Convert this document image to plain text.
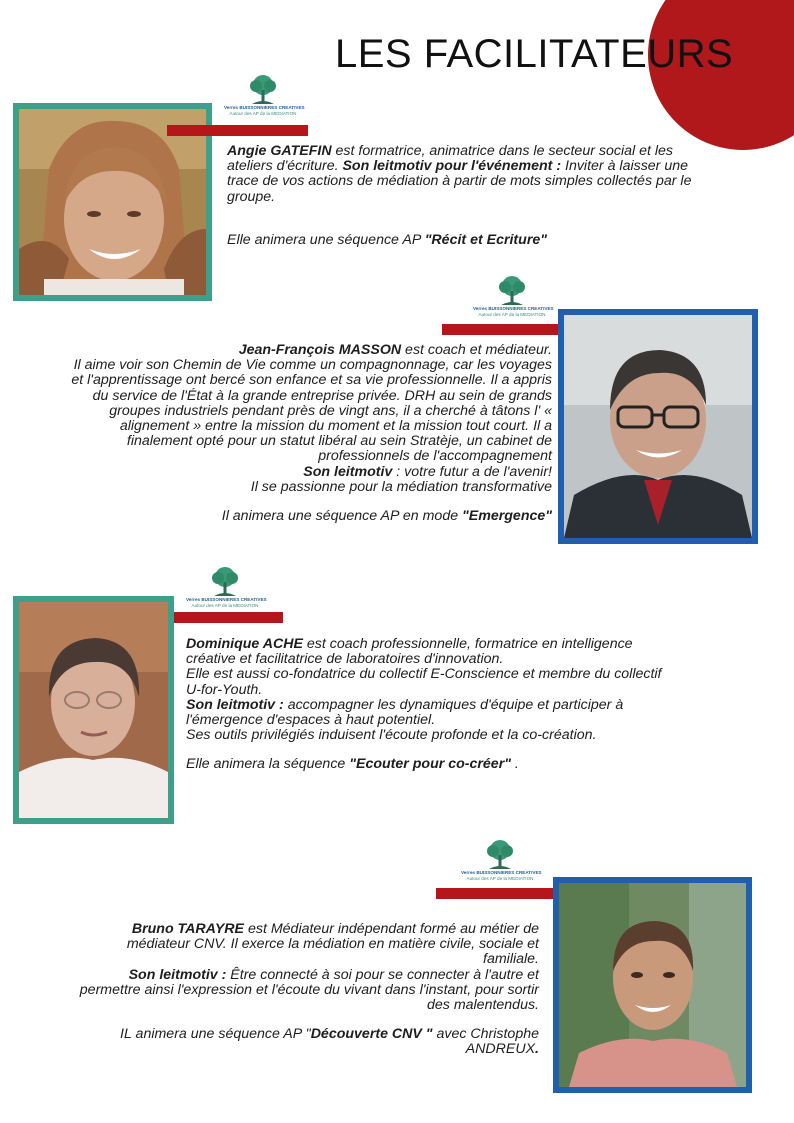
LES FACILITATEURS
Verres BUISSONNIERES CREATIVES
Autour des AP de la MEDIATION

Angie GATEFIN est formatrice, animatrice dans le secteur social et les ateliers d'écriture. Son leitmotiv pour l'événement : Inviter à laisser une trace de vos actions de médiation à partir de mots simples collectés par le groupe.

Elle animera une séquence AP "Récit et Ecriture"

Verres BUISSONNIERES CREATIVES
Autour des AP de la MEDIATION

Jean-François MASSON est coach et médiateur.

Il aime voir son Chemin de Vie comme un compagnonnage, car les voyages et l'apprentissage ont bercé son enfance et sa vie professionnelle. Il a appris du service de l'État à la grande entreprise privée. DRH au sein de grands groupes industriels pendant près de vingt ans, il a cherché à tâtons l' « alignement » entre la mission du moment et la mission tout court. Il a finalement opté pour un statut libéral au sein Stratèje, un cabinet de professionnels de l'accompagnement

Son leitmotiv : votre futur a de l'avenir!

Il se passionne pour la médiation transformative

Il animera une séquence AP en mode "Emergence"

Verres BUISSONNIERES CREATIVES
Autour des AP de la MEDIATION

Dominique ACHE est coach professionnelle, formatrice en intelligence créative et facilitatrice de laboratoires d'innovation.

Elle est aussi co-fondatrice du collectif E-Conscience et membre du collectif U-for-Youth.

Son leitmotiv : accompagner les dynamiques d'équipe et participer à l'émergence d'espaces à haut potentiel.

Ses outils privilégiés induisent l'écoute profonde et la co-création.

Elle animera la séquence "Ecouter pour co-créer" .

Verres BUISSONNIERES CREATIVES
Autour des AP de la MEDIATION

Bruno TARAYRE est Médiateur indépendant formé au métier de médiateur CNV. Il exerce la médiation en matière civile, sociale et familiale.

Son leitmotiv : Être connecté à soi pour se connecter à l'autre et permettre ainsi l'expression et l'écoute du vivant dans l'instant, pour sortir des malentendus.

IL animera une séquence AP "Découverte CNV " avec Christophe ANDREUX.
